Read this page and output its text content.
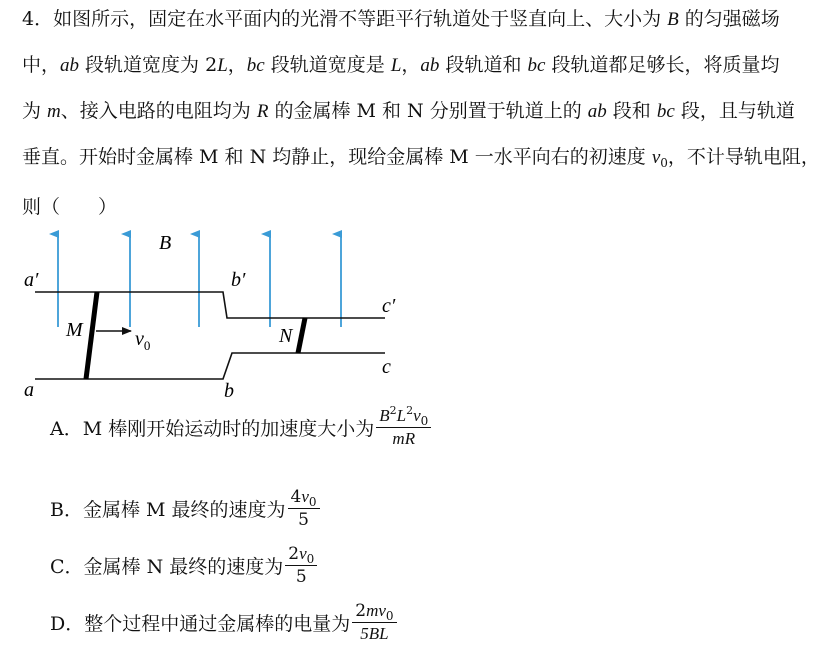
4．如图所示，固定在水平面内的光滑不等距平行轨道处于竖直向上、大小为 B 的匀强磁场
中，ab 段轨道宽度为 2L，bc 段轨道宽度是 L，ab 段轨道和 bc 段轨道都足够长，将质量均
为 m、接入电路的电阻均为 R 的金属棒 M 和 N 分别置于轨道上的 ab 段和 bc 段，且与轨道
垂直。开始时金属棒 M 和 N 均静止，现给金属棒 M 一水平向右的初速度 $v_0$，不计导轨电阻，
则（　　 ）
B
a′
a
b′
b
c′
c
M	N
$v_0$
A． M 棒刚开始运动时的加速度大小为 $\frac{B^2L^2v_0}{mR}$
B． 金属棒 M 最终的速度为 $\frac{4v_0}{5}$
C． 金属棒 N 最终的速度为 $\frac{2v_0}{5}$
D． 整个过程中通过金属棒的电量为 $\frac{2mv_0}{5BL}$
